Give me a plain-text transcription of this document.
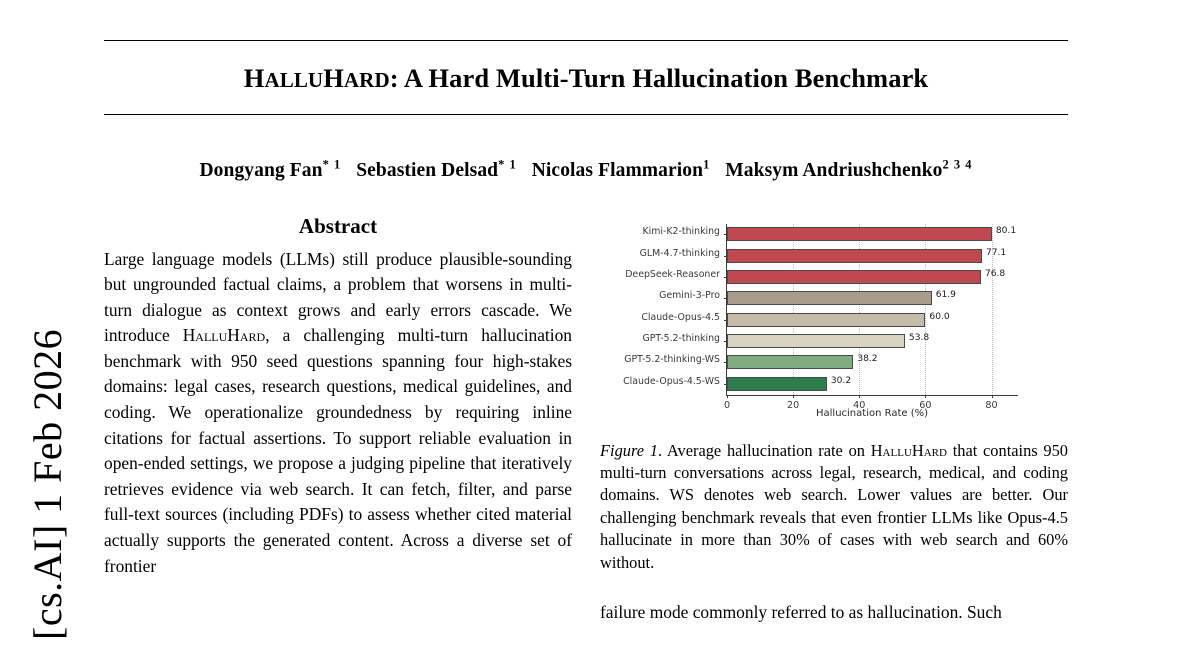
[cs.AI] 1 Feb 2026
HALLUHARD: A Hard Multi-Turn Hallucination Benchmark
Dongyang Fan$^{* 1}$ Sebastien Delsad$^{* 1}$ Nicolas Flammarion$^1$ Maksym Andriushchenko$^{2 3 4}$
Abstract
Large language models (LLMs) still produce plausible-sounding but ungrounded factual claims, a problem that worsens in multi-turn dialogue as context grows and early errors cascade. We introduce HalluHard, a challenging multi-turn hallucination benchmark with 950 seed questions spanning four high-stakes domains: legal cases, research questions, medical guidelines, and coding. We operationalize groundedness by requiring inline citations for factual assertions. To support reliable evaluation in open-ended settings, we propose a judging pipeline that iteratively retrieves evidence via web search. It can fetch, filter, and parse full-text sources (including PDFs) to assess whether cited material actually supports the generated content. Across a diverse set of frontier
0	20	40	60	80
Kimi-K2-thinking	80.1
GLM-4.7-thinking	77.1
DeepSeek-Reasoner	76.8
Gemini-3-Pro	61.9
Claude-Opus-4.5	60.0
GPT-5.2-thinking	53.8
GPT-5.2-thinking-WS	38.2
Claude-Opus-4.5-WS	30.2
Hallucination Rate (%)
Figure 1. Average hallucination rate on HalluHard that contains 950 multi-turn conversations across legal, research, medical, and coding domains. WS denotes web search. Lower values are better. Our challenging benchmark reveals that even frontier LLMs like Opus-4.5 hallucinate in more than 30% of cases with web search and 60% without.
failure mode commonly referred to as hallucination. Such
